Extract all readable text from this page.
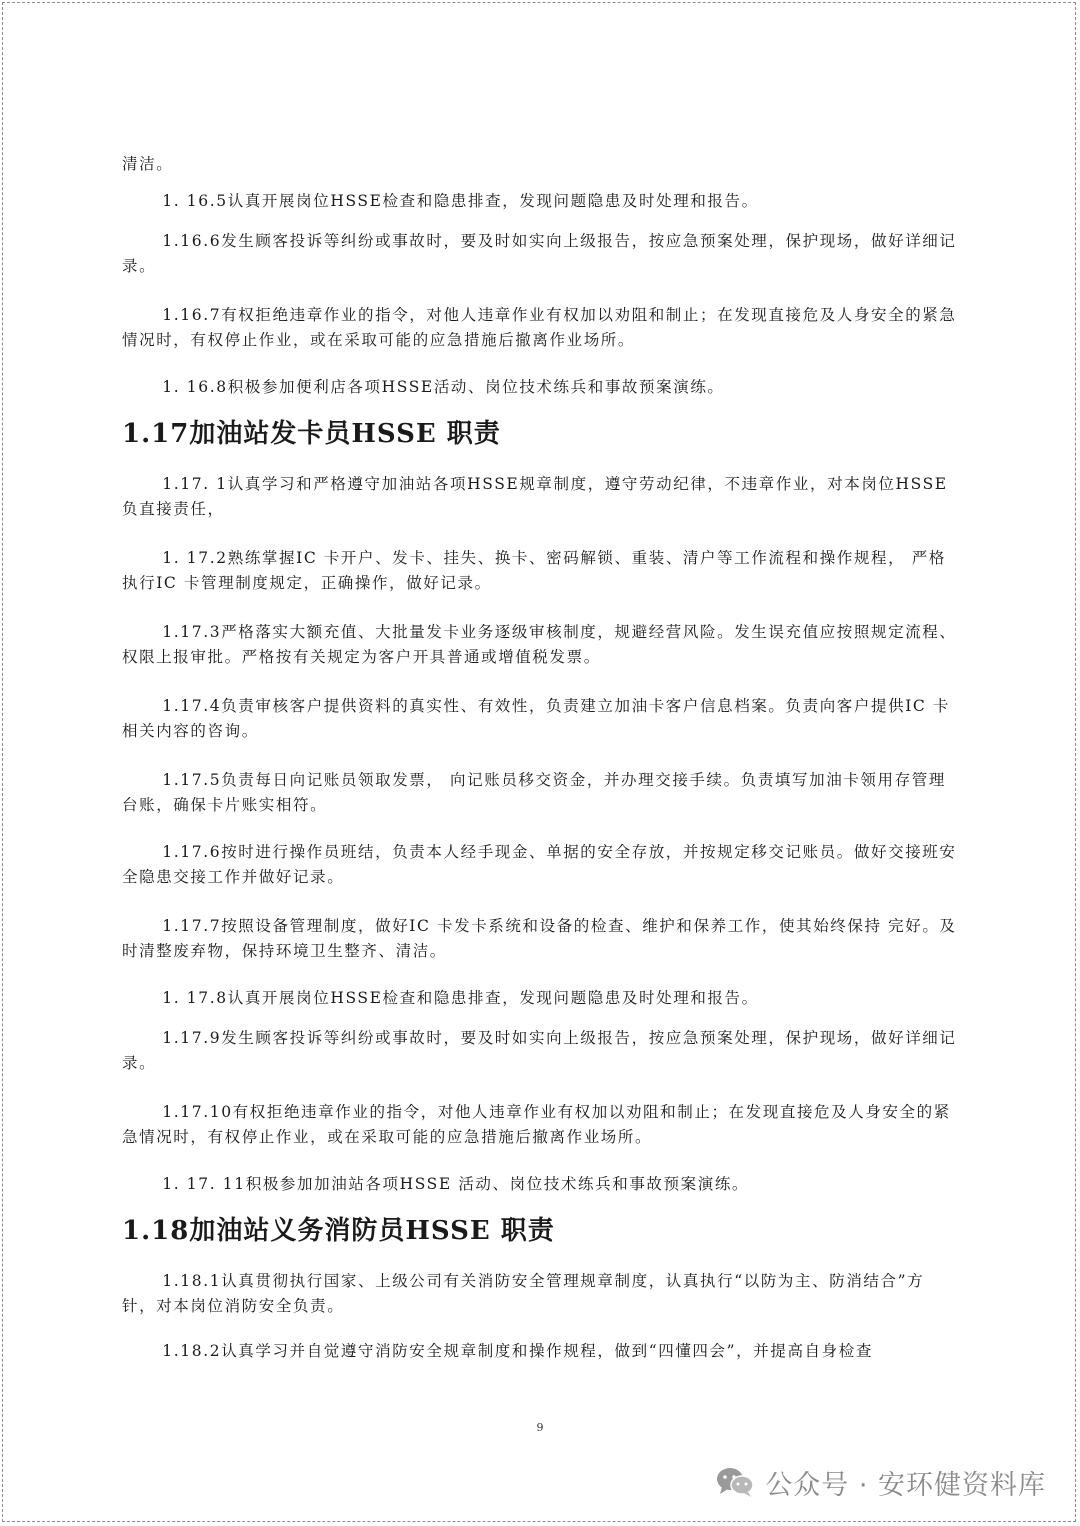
清洁。

1. 16.5认真开展岗位HSSE检查和隐患排查，发现问题隐患及时处理和报告。

1.16.6发生顾客投诉等纠纷或事故时，要及时如实向上级报告，按应急预案处理，保护现场，做好详细记录。

1.16.7有权拒绝违章作业的指令，对他人违章作业有权加以劝阻和制止；在发现直接危及人身安全的紧急情况时，有权停止作业，或在采取可能的应急措施后撤离作业场所。

1. 16.8积极参加便利店各项HSSE活动、岗位技术练兵和事故预案演练。

1.17加油站发卡员HSSE 职责

1.17. 1认真学习和严格遵守加油站各项HSSE规章制度，遵守劳动纪律，不违章作业，对本岗位HSSE负直接责任，

1. 17.2熟练掌握IC 卡开户、发卡、挂失、换卡、密码解锁、重装、清户等工作流程和操作规程， 严格执行IC 卡管理制度规定，正确操作，做好记录。

1.17.3严格落实大额充值、大批量发卡业务逐级审核制度，规避经营风险。发生误充值应按照规定流程、权限上报审批。严格按有关规定为客户开具普通或增值税发票。

1.17.4负责审核客户提供资料的真实性、有效性，负责建立加油卡客户信息档案。负责向客户提供IC 卡相关内容的咨询。

1.17.5负责每日向记账员领取发票， 向记账员移交资金，并办理交接手续。负责填写加油卡领用存管理台账，确保卡片账实相符。

1.17.6按时进行操作员班结，负责本人经手现金、单据的安全存放，并按规定移交记账员。做好交接班安全隐患交接工作并做好记录。

1.17.7按照设备管理制度，做好IC 卡发卡系统和设备的检查、维护和保养工作，使其始终保持 完好。及时清整废弃物，保持环境卫生整齐、清洁。

1. 17.8认真开展岗位HSSE检查和隐患排查，发现问题隐患及时处理和报告。

1.17.9发生顾客投诉等纠纷或事故时，要及时如实向上级报告，按应急预案处理，保护现场，做好详细记录。

1.17.10有权拒绝违章作业的指令，对他人违章作业有权加以劝阻和制止；在发现直接危及人身安全的紧急情况时，有权停止作业，或在采取可能的应急措施后撤离作业场所。

1. 17. 11积极参加加油站各项HSSE 活动、岗位技术练兵和事故预案演练。

1.18加油站义务消防员HSSE 职责

1.18.1认真贯彻执行国家、上级公司有关消防安全管理规章制度，认真执行“以防为主、防消结合”方针，对本岗位消防安全负责。

1.18.2认真学习并自觉遵守消防安全规章制度和操作规程，做到“四懂四会”，并提高自身检查

9
公众号 · 安环健资料库
